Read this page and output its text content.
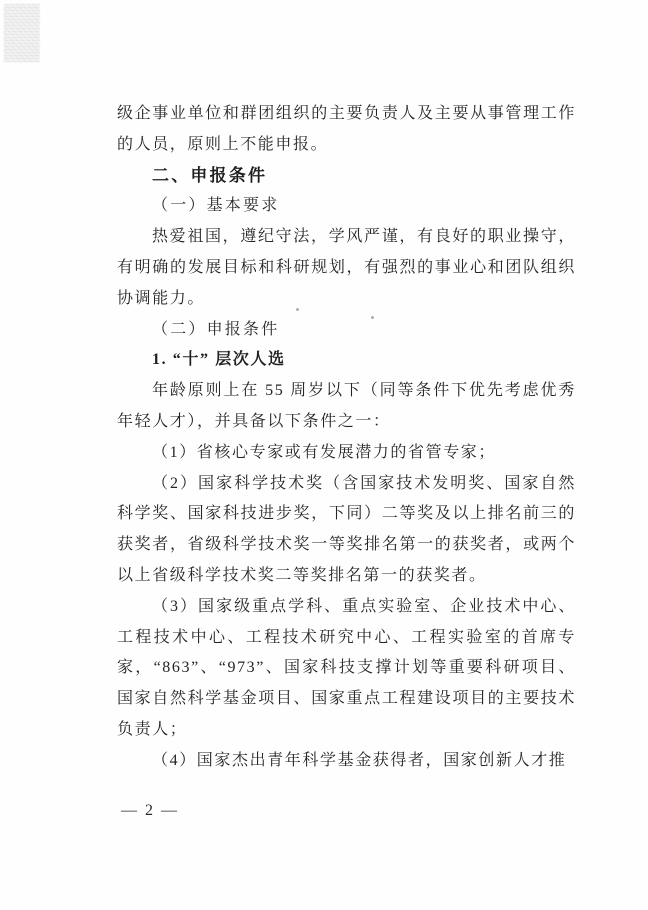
级企事业单位和群团组织的主要负责人及主要从事管理工作的人员，原则上不能申报。

二、申报条件

（一）基本要求

热爱祖国，遵纪守法，学风严谨，有良好的职业操守，有明确的发展目标和科研规划，有强烈的事业心和团队组织协调能力。

（二）申报条件

1. “十” 层次人选

年龄原则上在 55 周岁以下（同等条件下优先考虑优秀年轻人才），并具备以下条件之一：

（1）省核心专家或有发展潜力的省管专家；

（2）国家科学技术奖（含国家技术发明奖、国家自然科学奖、国家科技进步奖，下同）二等奖及以上排名前三的获奖者，省级科学技术奖一等奖排名第一的获奖者，或两个以上省级科学技术奖二等奖排名第一的获奖者。

（3）国家级重点学科、重点实验室、企业技术中心、工程技术中心、工程技术研究中心、工程实验室的首席专家，“863”、“973”、国家科技支撑计划等重要科研项目、国家自然科学基金项目、国家重点工程建设项目的主要技术负责人；

（4）国家杰出青年科学基金获得者，国家创新人才推

— 2 —
